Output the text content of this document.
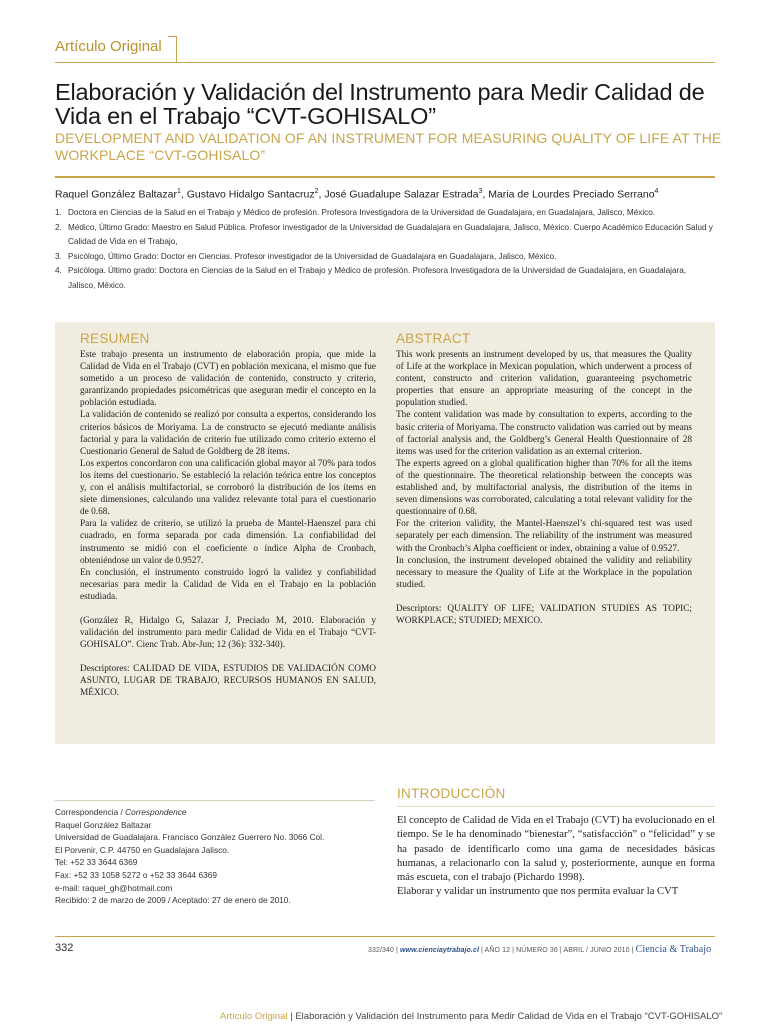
Artículo Original
Elaboración y Validación del Instrumento para Medir Calidad de Vida en el Trabajo “CVT-GOHISALO”
DEVELOPMENT AND VALIDATION OF AN INSTRUMENT FOR MEASURING QUALITY OF LIFE AT THE WORKPLACE “CVT-GOHISALO”
Raquel González Baltazar$^1$, Gustavo Hidalgo Santacruz$^2$, José Guadalupe Salazar Estrada$^3$, Maria de Lourdes Preciado Serrano$^4$
1. Doctora en Ciencias de la Salud en el Trabajo y Médico de profesión. Profesora Investigadora de la Universidad de Guadalajara, en Guadalajara, Jalisco, México.
2. Médico, Último Grado: Maestro en Salud Pública. Profesor investigador de la Universidad de Guadalajara en Guadalajara, Jalisco, México. Cuerpo Académico Educación Salud y Calidad de Vida en el Trabajo,
3. Psicólogo, Último Grado: Doctor en Ciencias. Profesor investigador de la Universidad de Guadalajara en Guadalajara, Jalisco, México.
4. Psicóloga. Último grado: Doctora en Ciencias de la Salud en el Trabajo y Médico de profesión. Profesora Investigadora de la Universidad de Guadalajara, en Guadalajara, Jalisco, México.
RESUMEN

Este trabajo presenta un instrumento de elaboración propia, que mide la Calidad de Vida en el Trabajo (CVT) en población mexicana, el mismo que fue sometido a un proceso de validación de contenido, constructo y criterio, garantizando propiedades psicométricas que aseguran medir el concepto en la población estudiada.

La validación de contenido se realizó por consulta a expertos, considerando los criterios básicos de Moriyama. La de constructo se ejecutó mediante análisis factorial y para la validación de criterio fue utilizado como criterio externo el Cuestionario General de Salud de Goldberg de 28 ítems.

Los expertos concordaron con una calificación global mayor al 70% para todos los ítems del cuestionario. Se estableció la relación teórica entre los conceptos y, con el análisis multifactorial, se corroboró la distribución de los ítems en siete dimensiones, calculando una validez relevante total para el cuestionario de 0.68.

Para la validez de criterio, se utilizó la prueba de Mantel-Haenszel para chi cuadrado, en forma separada por cada dimensión. La confiabilidad del instrumento se midió con el coeficiente o índice Alpha de Cronbach, obteniéndose un valor de 0.9527.

En conclusión, el instrumento construido logró la validez y confiabilidad necesarias para medir la Calidad de Vida en el Trabajo en la población estudiada.

(González R, Hidalgo G, Salazar J, Preciado M, 2010. Elaboración y validación del instrumento para medir Calidad de Vida en el Trabajo “CVT-GOHISALO”. Cienc Trab. Abr-Jun; 12 (36): 332-340).

Descriptores: CALIDAD DE VIDA, ESTUDIOS DE VALIDACIÓN COMO ASUNTO, LUGAR DE TRABAJO, RECURSOS HUMANOS EN SALUD, MÉXICO.

ABSTRACT

This work presents an instrument developed by us, that measures the Quality of Life at the workplace in Mexican population, which underwent a process of content, constructo and criterion validation, guaranteeing psychometric properties that ensure an appropriate measuring of the concept in the population studied.

The content validation was made by consultation to experts, according to the basic criteria of Moriyama. The constructo validation was carried out by means of factorial analysis and, the Goldberg’s General Health Questionnaire of 28 items was used for the criterion validation as an external criterion.

The experts agreed on a global qualification higher than 70% for all the items of the questionnaire. The theoretical relationship between the concepts was established and, by multifactorial analysis, the distribution of the items in seven dimensions was corroborated, calculating a total relevant validity for the questionnaire of 0.68.

For the criterion validity, the Mantel-Haenszel’s chi-squared test was used separately per each dimension. The reliability of the instrument was measured with the Cronbach’s Alpha coefficient or index, obtaining a value of 0.9527.

In conclusion, the instrument developed obtained the validity and reliability necessary to measure the Quality of Life at the Workplace in the population studied.

Descriptors: QUALITY OF LIFE; VALIDATION STUDIES AS TOPIC; WORKPLACE; STUDIED; MEXICO.

Correspondencia / Correspondence
Raquel González Baltazar
Universidad de Guadalajara. Francisco González Guerrero No. 3066 Col.
El Porvenir, C.P. 44750 en Guadalajara Jalisco.
Tel: +52 33 3644 6369
Fax: +52 33 1058 5272 o +52 33 3644 6369
e-mail: raquel_gh@hotmail.com
Recibido: 2 de marzo de 2009 / Aceptado: 27 de enero de 2010.
INTRODUCCIÓN

El concepto de Calidad de Vida en el Trabajo (CVT) ha evolucionado en el tiempo. Se le ha denominado “bienestar”, “satisfacción” o “felicidad” y se ha pasado de identificarlo como una gama de necesidades básicas humanas, a relacionarlo con la salud y, posteriormente, aunque en forma más escueta, con el trabajo (Pichardo 1998).

Elaborar y validar un instrumento que nos permita evaluar la CVT

332	332/340 | www.cienciaytrabajo.cl | AÑO 12 | NÚMERO 36 | ABRIL / JUNIO 2010 | Ciencia & Trabajo
Artículo Original | Elaboración y Validación del Instrumento para Medir Calidad de Vida en el Trabajo “CVT-GOHISALO”
